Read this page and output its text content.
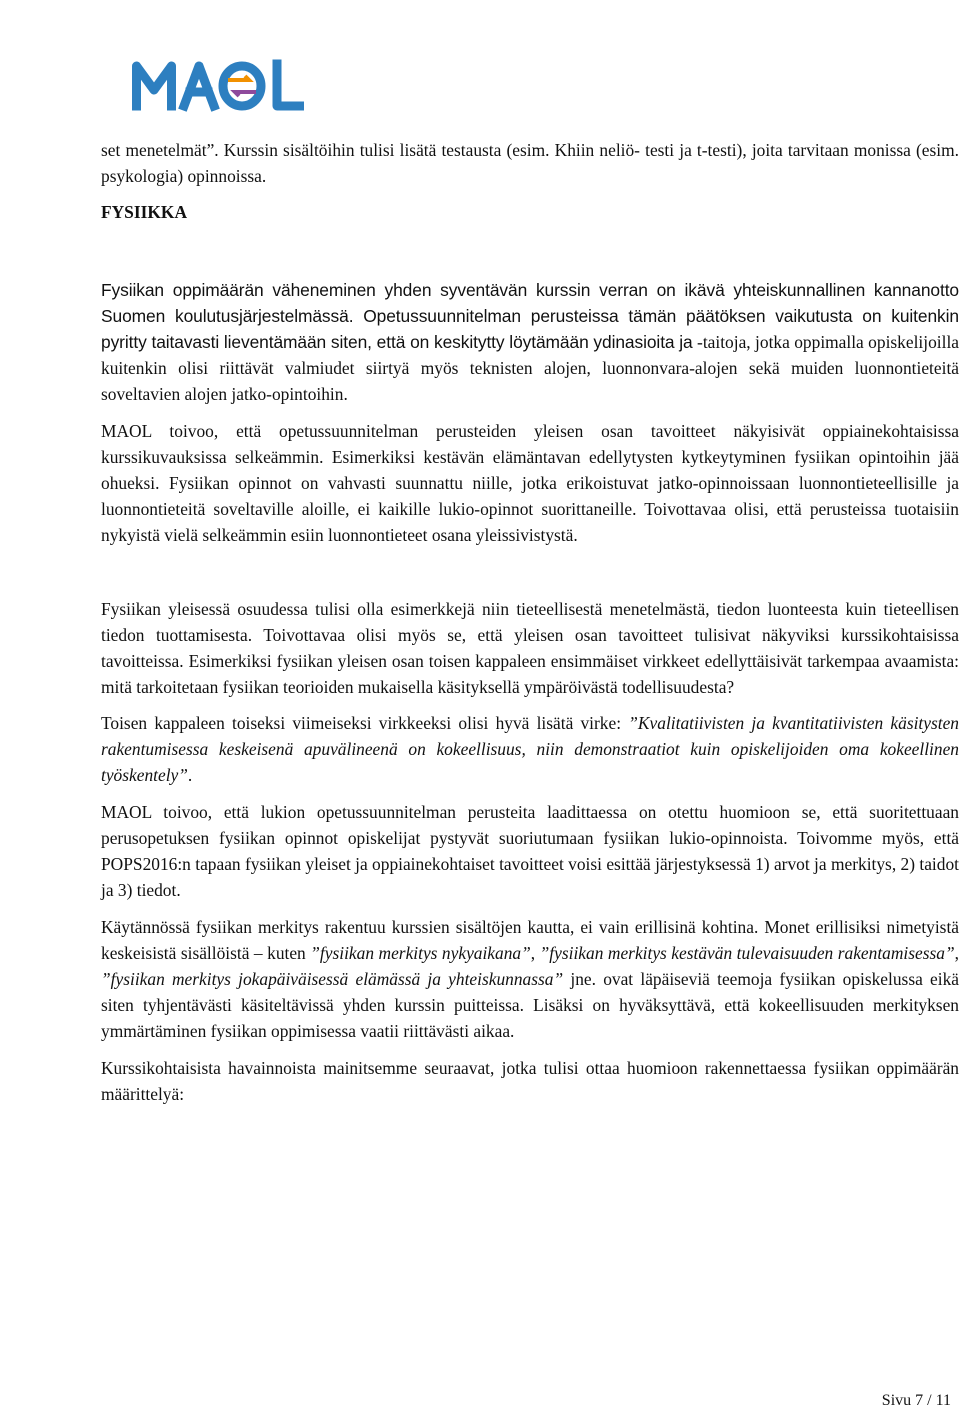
set menetelmät”. Kurssin sisältöihin tulisi lisätä testausta (esim. Khiin neliö- testi ja t-testi), joita tarvitaan monissa (esim. psykologia) opinnoissa.

FYSIIKKA

Fysiikan oppimäärän väheneminen yhden syventävän kurssin verran on ikävä yhteiskunnallinen kannanotto Suomen koulutusjärjestelmässä. Opetussuunnitelman perusteissa tämän päätöksen vaikutusta on kuitenkin pyritty taitavasti lieventämään siten, että on keskitytty löytämään ydinasioita ja -taitoja, jotka oppimalla opiskelijoilla kuitenkin olisi riittävät valmiudet siirtyä myös teknisten alojen, luonnonvara-alojen sekä muiden luonnontieteitä soveltavien alojen jatko-opintoihin.

MAOL toivoo, että opetussuunnitelman perusteiden yleisen osan tavoitteet näkyisivät oppiainekohtaisissa kurssikuvauksissa selkeämmin. Esimerkiksi kestävän elämäntavan edellytysten kytkeytyminen fysiikan opintoihin jää ohueksi. Fysiikan opinnot on vahvasti suunnattu niille, jotka erikoistuvat jatko-opinnoissaan luonnontieteellisille ja luonnontieteitä soveltaville aloille, ei kaikille lukio-opinnot suorittaneille. Toivottavaa olisi, että perusteissa tuotaisiin nykyistä vielä selkeämmin esiin luonnontieteet osana yleissivistystä.

Fysiikan yleisessä osuudessa tulisi olla esimerkkejä niin tieteellisestä menetelmästä, tiedon luonteesta kuin tieteellisen tiedon tuottamisesta. Toivottavaa olisi myös se, että yleisen osan tavoitteet tulisivat näkyviksi kurssikohtaisissa tavoitteissa. Esimerkiksi fysiikan yleisen osan toisen kappaleen ensimmäiset virkkeet edellyttäisivät tarkempaa avaamista: mitä tarkoitetaan fysiikan teorioiden mukaisella käsityksellä ympäröivästä todellisuudesta?

Toisen kappaleen toiseksi viimeiseksi virkkeeksi olisi hyvä lisätä virke: ”Kvalitatiivisten ja kvantitatiivisten käsitysten rakentumisessa keskeisenä apuvälineenä on kokeellisuus, niin demonstraatiot kuin opiskelijoiden oma kokeellinen työskentely”.

MAOL toivoo, että lukion opetussuunnitelman perusteita laadittaessa on otettu huomioon se, että suoritettuaan perusopetuksen fysiikan opinnot opiskelijat pystyvät suoriutumaan fysiikan lukio-opinnoista. Toivomme myös, että POPS2016:n tapaan fysiikan yleiset ja oppiainekohtaiset tavoitteet voisi esittää järjestyksessä 1) arvot ja merkitys, 2) taidot ja 3) tiedot.

Käytännössä fysiikan merkitys rakentuu kurssien sisältöjen kautta, ei vain erillisinä kohtina. Monet erillisiksi nimetyistä keskeisistä sisällöistä – kuten ”fysiikan merkitys nykyaikana”, ”fysiikan merkitys kestävän tulevaisuuden rakentamisessa”, ”fysiikan merkitys jokapäiväisessä elämässä ja yhteiskunnassa” jne. ovat läpäiseviä teemoja fysiikan opiskelussa eikä siten tyhjentävästi käsiteltävissä yhden kurssin puitteissa. Lisäksi on hyväksyttävä, että kokeellisuuden merkityksen ymmärtäminen fysiikan oppimisessa vaatii riittävästi aikaa.

Kurssikohtaisista havainnoista mainitsemme seuraavat, jotka tulisi ottaa huomioon rakennettaessa fysiikan oppimäärän määrittelyä:

Sivu 7 / 11
